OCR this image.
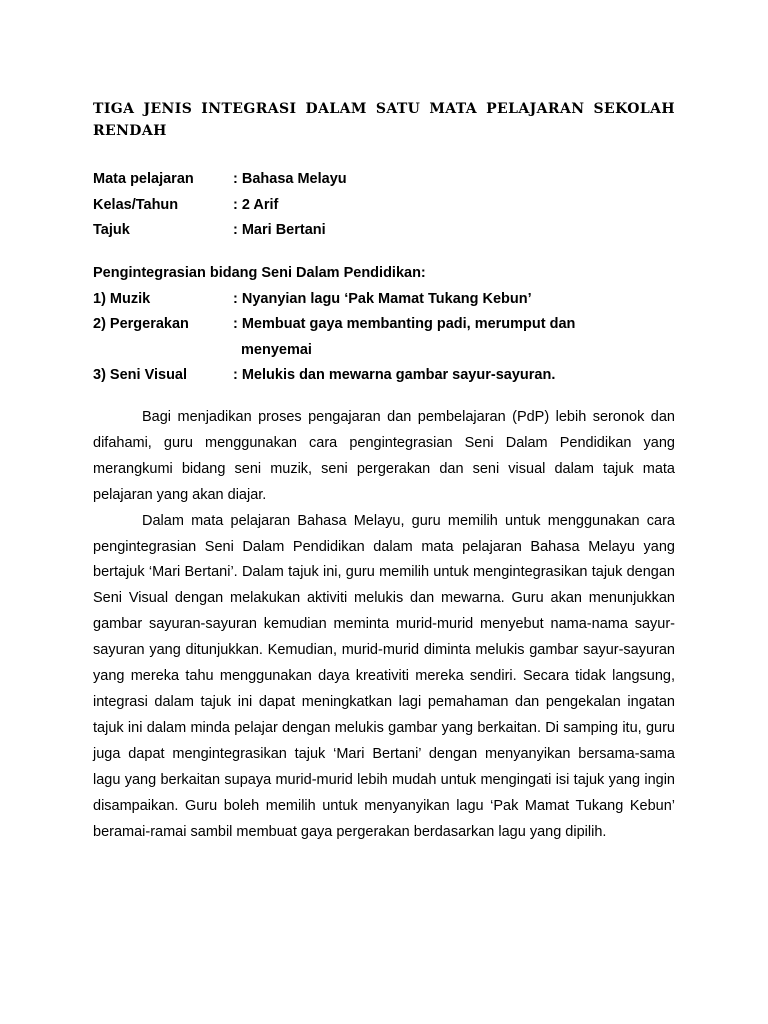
TIGA JENIS INTEGRASI DALAM SATU MATA PELAJARAN SEKOLAH RENDAH
Mata pelajaran	: Bahasa Melayu
Kelas/Tahun	: 2 Arif
Tajuk	: Mari Bertani
Pengintegrasian bidang Seni Dalam Pendidikan:
1) Muzik	: Nyanyian lagu ‘Pak Mamat Tukang Kebun’
2) Pergerakan	: Membuat gaya membanting padi, merumput dan
menyemai
3) Seni Visual	: Melukis dan mewarna gambar sayur-sayuran.

Bagi menjadikan proses pengajaran dan pembelajaran (PdP) lebih seronok dan difahami, guru menggunakan cara pengintegrasian Seni Dalam Pendidikan yang merangkumi bidang seni muzik, seni pergerakan dan seni visual dalam tajuk mata pelajaran yang akan diajar.

Dalam mata pelajaran Bahasa Melayu, guru memilih untuk menggunakan cara pengintegrasian Seni Dalam Pendidikan dalam mata pelajaran Bahasa Melayu yang bertajuk ‘Mari Bertani’. Dalam tajuk ini, guru memilih untuk mengintegrasikan tajuk dengan Seni Visual dengan melakukan aktiviti melukis dan mewarna. Guru akan menunjukkan gambar sayuran-sayuran kemudian meminta murid-murid menyebut nama-nama sayur-sayuran yang ditunjukkan. Kemudian, murid-murid diminta melukis gambar sayur-sayuran yang mereka tahu menggunakan daya kreativiti mereka sendiri. Secara tidak langsung, integrasi dalam tajuk ini dapat meningkatkan lagi pemahaman dan pengekalan ingatan tajuk ini dalam minda pelajar dengan melukis gambar yang berkaitan. Di samping itu, guru juga dapat mengintegrasikan tajuk ‘Mari Bertani’ dengan menyanyikan bersama-sama lagu yang berkaitan supaya murid-murid lebih mudah untuk mengingati isi tajuk yang ingin disampaikan. Guru boleh memilih untuk menyanyikan lagu ‘Pak Mamat Tukang Kebun’ beramai-ramai sambil membuat gaya pergerakan berdasarkan lagu yang dipilih.
